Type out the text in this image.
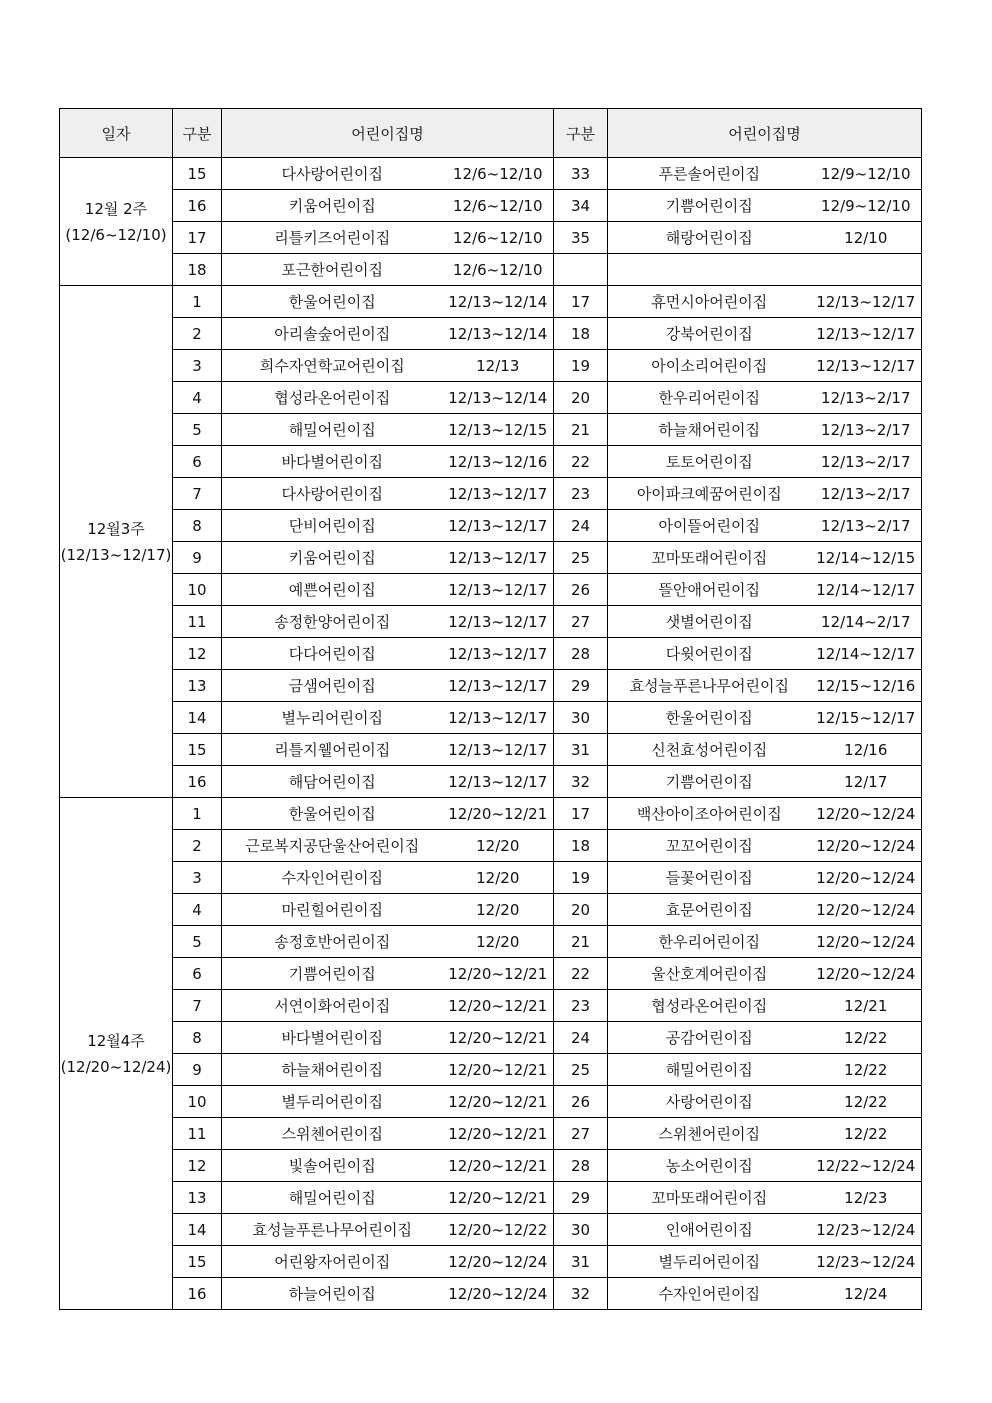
일자	구분	어린이집명		구분	어린이집명	

12월 2주
(12/6~12/10)	15	다사랑어린이집	12/6~12/10	33	푸른솔어린이집	12/9~12/10
	16	키움어린이집	12/6~12/10	34	기쁨어린이집	12/9~12/10
	17	리틀키즈어린이집	12/6~12/10	35	해랑어린이집	12/10
	18	포근한어린이집	12/6~12/10			

12월3주
(12/13~12/17)	1	한울어린이집	12/13~12/14	17	휴먼시아어린이집	12/13~12/17
	2	아리솔숲어린이집	12/13~12/14	18	강북어린이집	12/13~12/17
	3	희수자연학교어린이집	12/13	19	아이소리어린이집	12/13~12/17
	4	협성라온어린이집	12/13~12/14	20	한우리어린이집	12/13~2/17
	5	해밀어린이집	12/13~12/15	21	하늘채어린이집	12/13~2/17
	6	바다별어린이집	12/13~12/16	22	토토어린이집	12/13~2/17
	7	다사랑어린이집	12/13~12/17	23	아이파크예꿈어린이집	12/13~2/17
	8	단비어린이집	12/13~12/17	24	아이뜰어린이집	12/13~2/17
	9	키움어린이집	12/13~12/17	25	꼬마또래어린이집	12/14~12/15
	10	예쁜어린이집	12/13~12/17	26	뜰안애어린이집	12/14~12/17
	11	송정한양어린이집	12/13~12/17	27	샛별어린이집	12/14~2/17
	12	다다어린이집	12/13~12/17	28	다윗어린이집	12/14~12/17
	13	금샘어린이집	12/13~12/17	29	효성늘푸른나무어린이집	12/15~12/16
	14	별누리어린이집	12/13~12/17	30	한울어린이집	12/15~12/17
	15	리틀지웰어린이집	12/13~12/17	31	신천효성어린이집	12/16
	16	해담어린이집	12/13~12/17	32	기쁨어린이집	12/17

12월4주
(12/20~12/24)	1	한울어린이집	12/20~12/21	17	백산아이조아어린이집	12/20~12/24
	2	근로복지공단울산어린이집	12/20	18	꼬꼬어린이집	12/20~12/24
	3	수자인어린이집	12/20	19	들꽃어린이집	12/20~12/24
	4	마린힐어린이집	12/20	20	효문어린이집	12/20~12/24
	5	송정호반어린이집	12/20	21	한우리어린이집	12/20~12/24
	6	기쁨어린이집	12/20~12/21	22	울산호계어린이집	12/20~12/24
	7	서연이화어린이집	12/20~12/21	23	협성라온어린이집	12/21
	8	바다별어린이집	12/20~12/21	24	공감어린이집	12/22
	9	하늘채어린이집	12/20~12/21	25	해밀어린이집	12/22
	10	별두리어린이집	12/20~12/21	26	사랑어린이집	12/22
	11	스위첸어린이집	12/20~12/21	27	스위첸어린이집	12/22
	12	빛솔어린이집	12/20~12/21	28	농소어린이집	12/22~12/24
	13	해밀어린이집	12/20~12/21	29	꼬마또래어린이집	12/23
	14	효성늘푸른나무어린이집	12/20~12/22	30	인애어린이집	12/23~12/24
	15	어린왕자어린이집	12/20~12/24	31	별두리어린이집	12/23~12/24
	16	하늘어린이집	12/20~12/24	32	수자인어린이집	12/24
